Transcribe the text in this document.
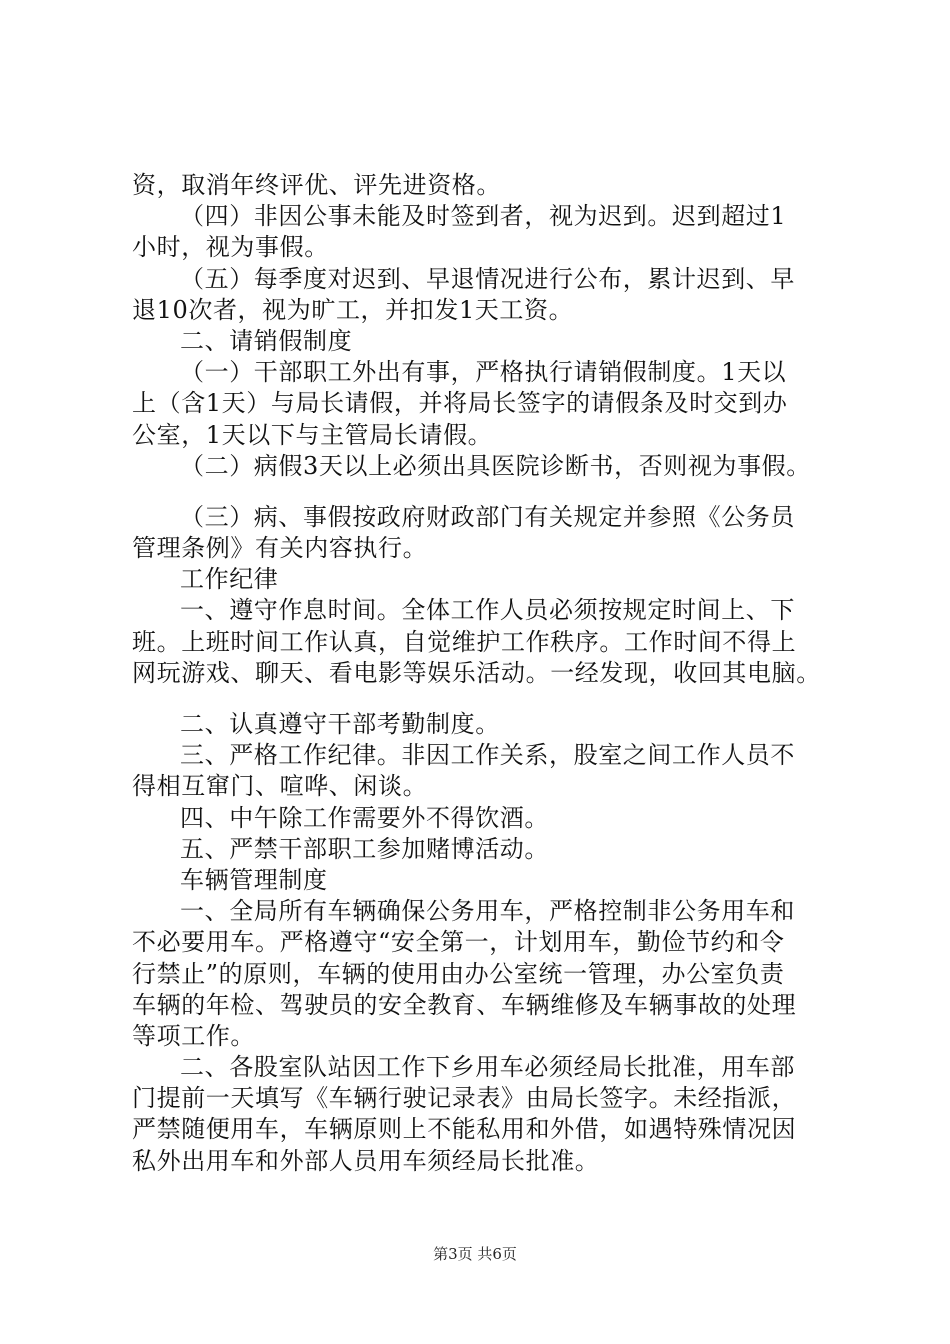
资，取消年终评优、评先进资格。
（四）非因公事未能及时签到者，视为迟到。迟到超过1
小时，视为事假。
（五）每季度对迟到、早退情况进行公布，累计迟到、早
退10次者，视为旷工，并扣发1天工资。
二、请销假制度
（一）干部职工外出有事，严格执行请销假制度。1天以
上（含1天）与局长请假，并将局长签字的请假条及时交到办
公室，1天以下与主管局长请假。
（二）病假3天以上必须出具医院诊断书，否则视为事假。
（三）病、事假按政府财政部门有关规定并参照《公务员
管理条例》有关内容执行。
工作纪律
一、遵守作息时间。全体工作人员必须按规定时间上、下
班。上班时间工作认真，自觉维护工作秩序。工作时间不得上
网玩游戏、聊天、看电影等娱乐活动。一经发现，收回其电脑。
二、认真遵守干部考勤制度。
三、严格工作纪律。非因工作关系，股室之间工作人员不
得相互窜门、喧哗、闲谈。
四、中午除工作需要外不得饮酒。
五、严禁干部职工参加赌博活动。
车辆管理制度
一、全局所有车辆确保公务用车，严格控制非公务用车和
不必要用车。严格遵守“安全第一，计划用车，勤俭节约和令
行禁止”的原则，车辆的使用由办公室统一管理，办公室负责
车辆的年检、驾驶员的安全教育、车辆维修及车辆事故的处理
等项工作。
二、各股室队站因工作下乡用车必须经局长批准，用车部
门提前一天填写《车辆行驶记录表》由局长签字。未经指派，
严禁随便用车，车辆原则上不能私用和外借，如遇特殊情况因
私外出用车和外部人员用车须经局长批准。
第3页 共6页
